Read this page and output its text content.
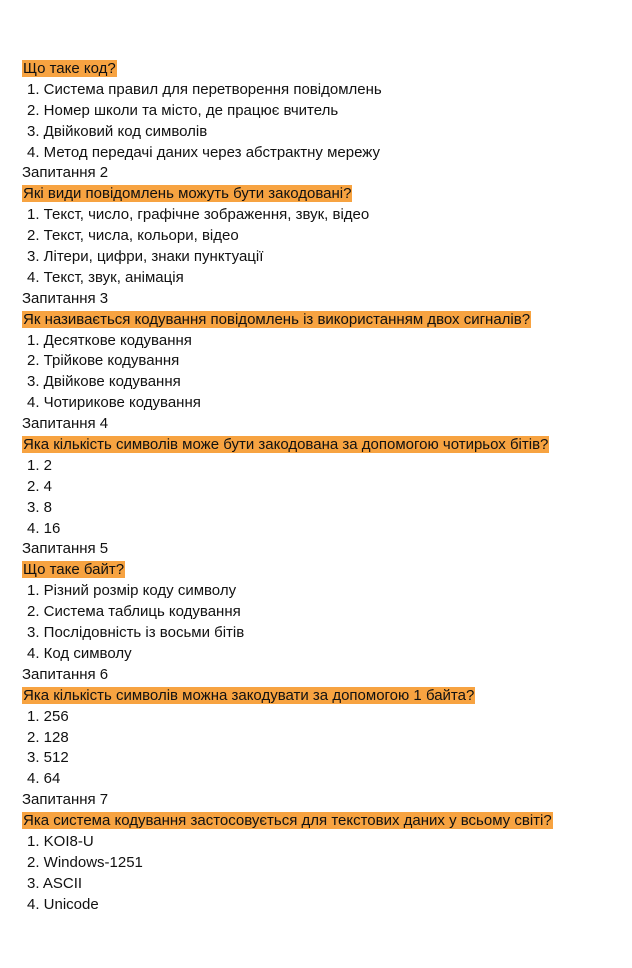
Що таке код?
1. Система правил для перетворення повідомлень
2. Номер школи та місто, де працює вчитель
3. Двійковий код символів
4. Метод передачі даних через абстрактну мережу
Запитання 2
Які види повідомлень можуть бути закодовані?
1. Текст, число, графічне зображення, звук, відео
2. Текст, числа, кольори, відео
3. Літери, цифри, знаки пунктуації
4. Текст, звук, анімація
Запитання 3
Як називається кодування повідомлень із використанням двох сигналів?
1. Десяткове кодування
2. Трійкове кодування
3. Двійкове кодування
4. Чотирикове кодування
Запитання 4
Яка кількість символів може бути закодована за допомогою чотирьох бітів?
1. 2
2. 4
3. 8
4. 16
Запитання 5
Що таке байт?
1. Різний розмір коду символу
2. Система таблиць кодування
3. Послідовність із восьми бітів
4. Код символу
Запитання 6
Яка кількість символів можна закодувати за допомогою 1 байта?
1. 256
2. 128
3. 512
4. 64
Запитання 7
Яка система кодування застосовується для текстових даних у всьому світі?
1. KOI8-U
2. Windows-1251
3. ASCII
4. Unicode
